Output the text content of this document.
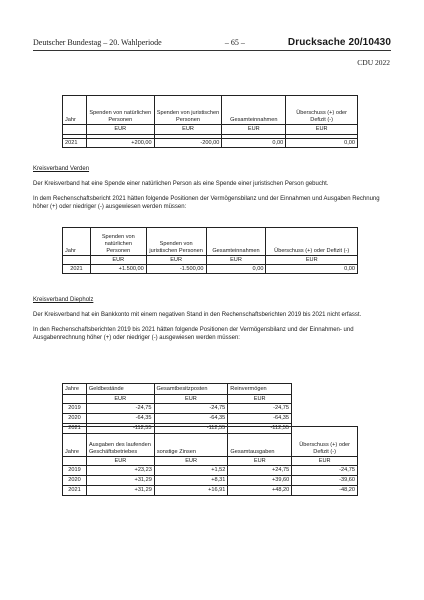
Deutscher Bundestag – 20. Wahlperiode	– 65 –	Drucksache 20/10430
CDU 2022
Jahr	Spenden von natürlichen Personen	Spenden von juristischen Personen	Gesamteinnahmen	Überschuss (+) oder Defizit (-)
	EUR	EUR	EUR	EUR

2021	+200,00	-200,00	0,00	0,00
Kreisverband Verden
Der Kreisverband hat eine Spende einer natürlichen Person als eine Spende einer juristischen Person gebucht.
In dem Rechenschaftsbericht 2021 hätten folgende Positionen der Vermögensbilanz und der Einnahmen und Ausgaben Rechnung höher (+) oder niedriger (-) ausgewiesen werden müssen:
Jahr	Spenden von natürlichen Personen	Spenden von juristischen Personen	Gesamteinnahmen	Überschuss (+) oder Defizit (-)
	EUR	EUR	EUR	EUR
2021	+1.500,00	-1.500,00	0,00	0,00
Kreisverband Diepholz
Der Kreisverband hat ein Bankkonto mit einem negativen Stand in den Rechenschaftsberichten 2019 bis 2021 nicht erfasst.
In den Rechenschaftsberichten 2019 bis 2021 hätten folgende Positionen der Vermögensbilanz und der Einnahmen- und Ausgabenrechnung höher (+) oder niedriger (-) ausgewiesen werden müssen:
Jahre	Geldbestände	Gesamtbesitzposten	Reinvermögen
	EUR	EUR	EUR
2019	-24,75	-24,75	-24,75
2020	-64,35	-64,35	-64,35
2021	-112,55	-112,55	-112,55
Jahre	Ausgaben des laufenden Geschäftsbetriebes	sonstige Zinsen	Gesamtausgaben	Überschuss (+) oder Defizit (-)
	EUR	EUR	EUR	EUR
2019	+23,23	+1,52	+24,75	-24,75
2020	+31,29	+8,31	+39,60	-39,60
2021	+31,29	+16,91	+48,20	-48,20
